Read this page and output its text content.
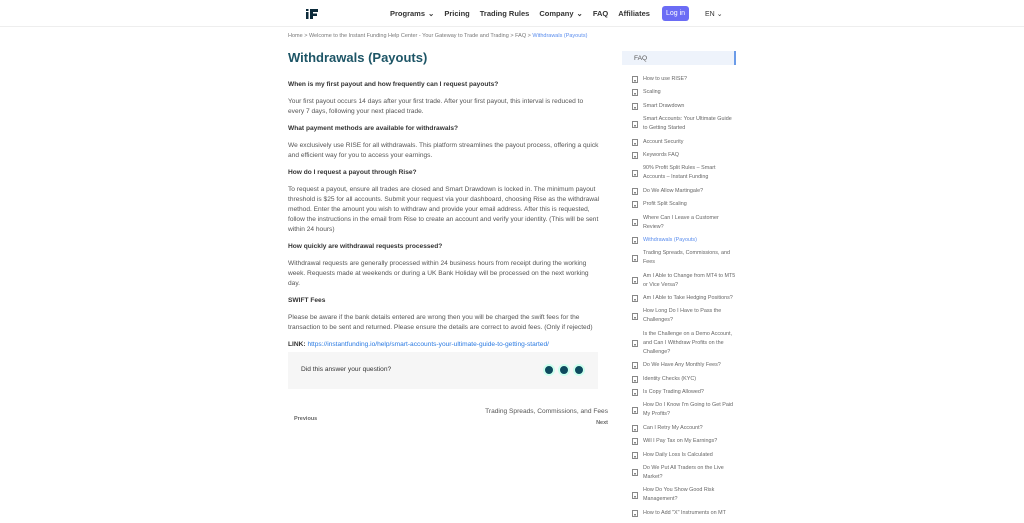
Programs ⌄ Pricing Trading Rules Company ⌄ FAQ Affiliates	Log in	EN ⌄
Home > Welcome to the Instant Funding Help Center - Your Gateway to Trade and Trading > FAQ > Withdrawals (Payouts)
Withdrawals (Payouts)
When is my first payout and how frequently can I request payouts?

Your first payout occurs 14 days after your first trade. After your first payout, this interval is reduced to every 7 days, following your next placed trade.

What payment methods are available for withdrawals?

We exclusively use RISE for all withdrawals. This platform streamlines the payout process, offering a quick and efficient way for you to access your earnings.

How do I request a payout through Rise?

To request a payout, ensure all trades are closed and Smart Drawdown is locked in. The minimum payout threshold is $25 for all accounts. Submit your request via your dashboard, choosing Rise as the withdrawal method. Enter the amount you wish to withdraw and provide your email address. After this is requested, follow the instructions in the email from Rise to create an account and verify your identity. (This will be sent within 24 hours)

How quickly are withdrawal requests processed?

Withdrawal requests are generally processed within 24 business hours from receipt during the working week. Requests made at weekends or during a UK Bank Holiday will be processed on the next working day.

SWIFT Fees

Please be aware if the bank details entered are wrong then you will be charged the swift fees for the transaction to be sent and returned. Please ensure the details are correct to avoid fees. (Only if rejected)

LINK: https://instantfunding.io/help/smart-accounts-your-ultimate-guide-to-getting-started/

Did this answer your question?
Previous
Trading Spreads, Commissions, and Fees
Next
FAQ
How to use RISE?
Scaling
Smart Drawdown
Smart Accounts: Your Ultimate Guide to Getting Started
Account Security
Keywords FAQ
90% Profit Split Rules – Smart Accounts – Instant Funding
Do We Allow Martingale?
Profit Split Scaling
Where Can I Leave a Customer Review?
Withdrawals (Payouts)
Trading Spreads, Commissions, and Fees
Am I Able to Change from MT4 to MT5 or Vice Versa?
Am I Able to Take Hedging Positions?
How Long Do I Have to Pass the Challenges?
Is the Challenge on a Demo Account, and Can I Withdraw Profits on the Challenge?
Do We Have Any Monthly Fees?
Identity Checks (KYC)
Is Copy Trading Allowed?
How Do I Know I'm Going to Get Paid My Profits?
Can I Retry My Account?
Will I Pay Tax on My Earnings?
How Daily Loss Is Calculated
Do We Put All Traders on the Live Market?
How Do You Show Good Risk Management?
How to Add "X" Instruments on MT
